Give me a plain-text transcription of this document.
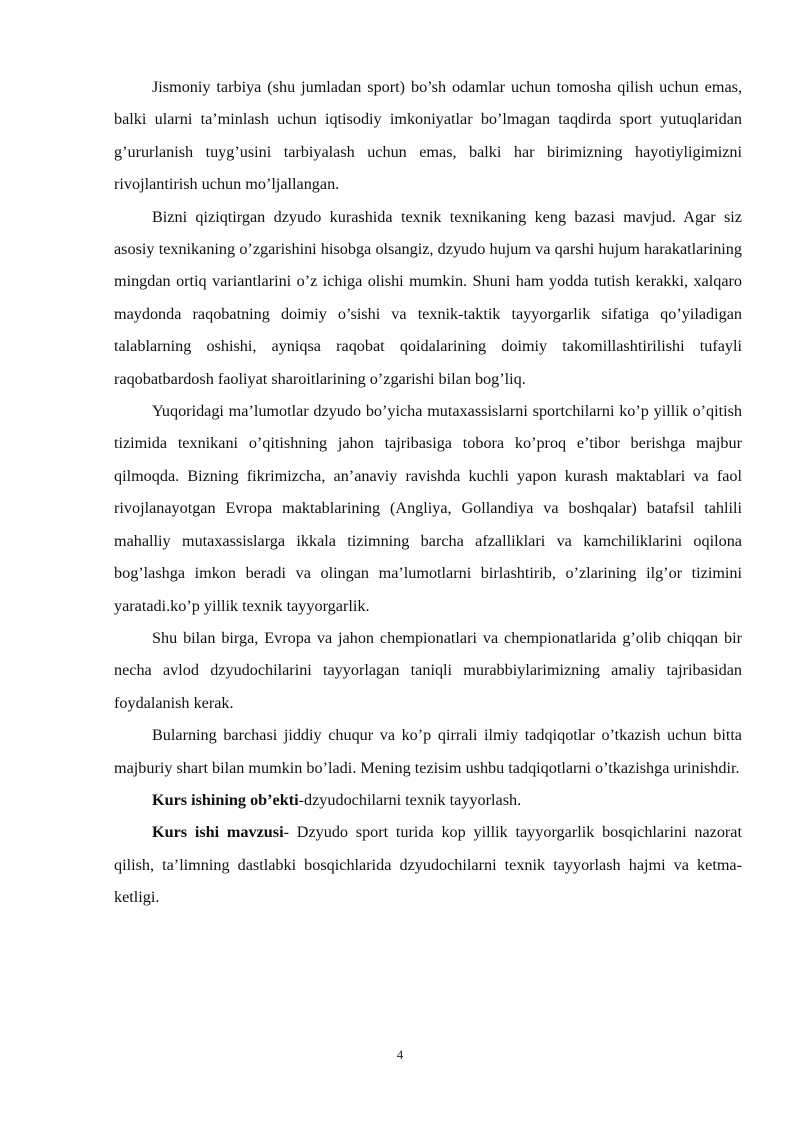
Jismoniy tarbiya (shu jumladan sport) bo’sh odamlar uchun tomosha qilish uchun emas, balki ularni ta’minlash uchun iqtisodiy imkoniyatlar bo’lmagan taqdirda sport yutuqlaridan g’ururlanish tuyg’usini tarbiyalash uchun emas, balki har birimizning hayotiyligimizni rivojlantirish uchun mo’ljallangan.

Bizni qiziqtirgan dzyudo kurashida texnik texnikaning keng bazasi mavjud. Agar siz asosiy texnikaning o’zgarishini hisobga olsangiz, dzyudo hujum va qarshi hujum harakatlarining mingdan ortiq variantlarini o’z ichiga olishi mumkin. Shuni ham yodda tutish kerakki, xalqaro maydonda raqobatning doimiy o’sishi va texnik-taktik tayyorgarlik sifatiga qo’yiladigan talablarning oshishi, ayniqsa raqobat qoidalarining doimiy takomillashtirilishi tufayli raqobatbardosh faoliyat sharoitlarining o’zgarishi bilan bog’liq.

Yuqoridagi ma’lumotlar dzyudo bo’yicha mutaxassislarni sportchilarni ko’p yillik o’qitish tizimida texnikani o’qitishning jahon tajribasiga tobora ko’proq e’tibor berishga majbur qilmoqda. Bizning fikrimizcha, an’anaviy ravishda kuchli yapon kurash maktablari va faol rivojlanayotgan Evropa maktablarining (Angliya, Gollandiya va boshqalar) batafsil tahlili mahalliy mutaxassislarga ikkala tizimning barcha afzalliklari va kamchiliklarini oqilona bog’lashga imkon beradi va olingan ma’lumotlarni birlashtirib, o’zlarining ilg’or tizimini yaratadi.ko’p yillik texnik tayyorgarlik.

Shu bilan birga, Evropa va jahon chempionatlari va chempionatlarida g’olib chiqqan bir necha avlod dzyudochilarini tayyorlagan taniqli murabbiylarimizning amaliy tajribasidan foydalanish kerak.

Bularning barchasi jiddiy chuqur va ko’p qirrali ilmiy tadqiqotlar o’tkazish uchun bitta majburiy shart bilan mumkin bo’ladi. Mening tezisim ushbu tadqiqotlarni o’tkazishga urinishdir.

Kurs ishining ob’ekti-dzyudochilarni texnik tayyorlash.

Kurs ishi mavzusi- Dzyudo sport turida kop yillik tayyorgarlik bosqichlarini nazorat qilish, ta’limning dastlabki bosqichlarida dzyudochilarni texnik tayyorlash hajmi va ketma-ketligi.

4
